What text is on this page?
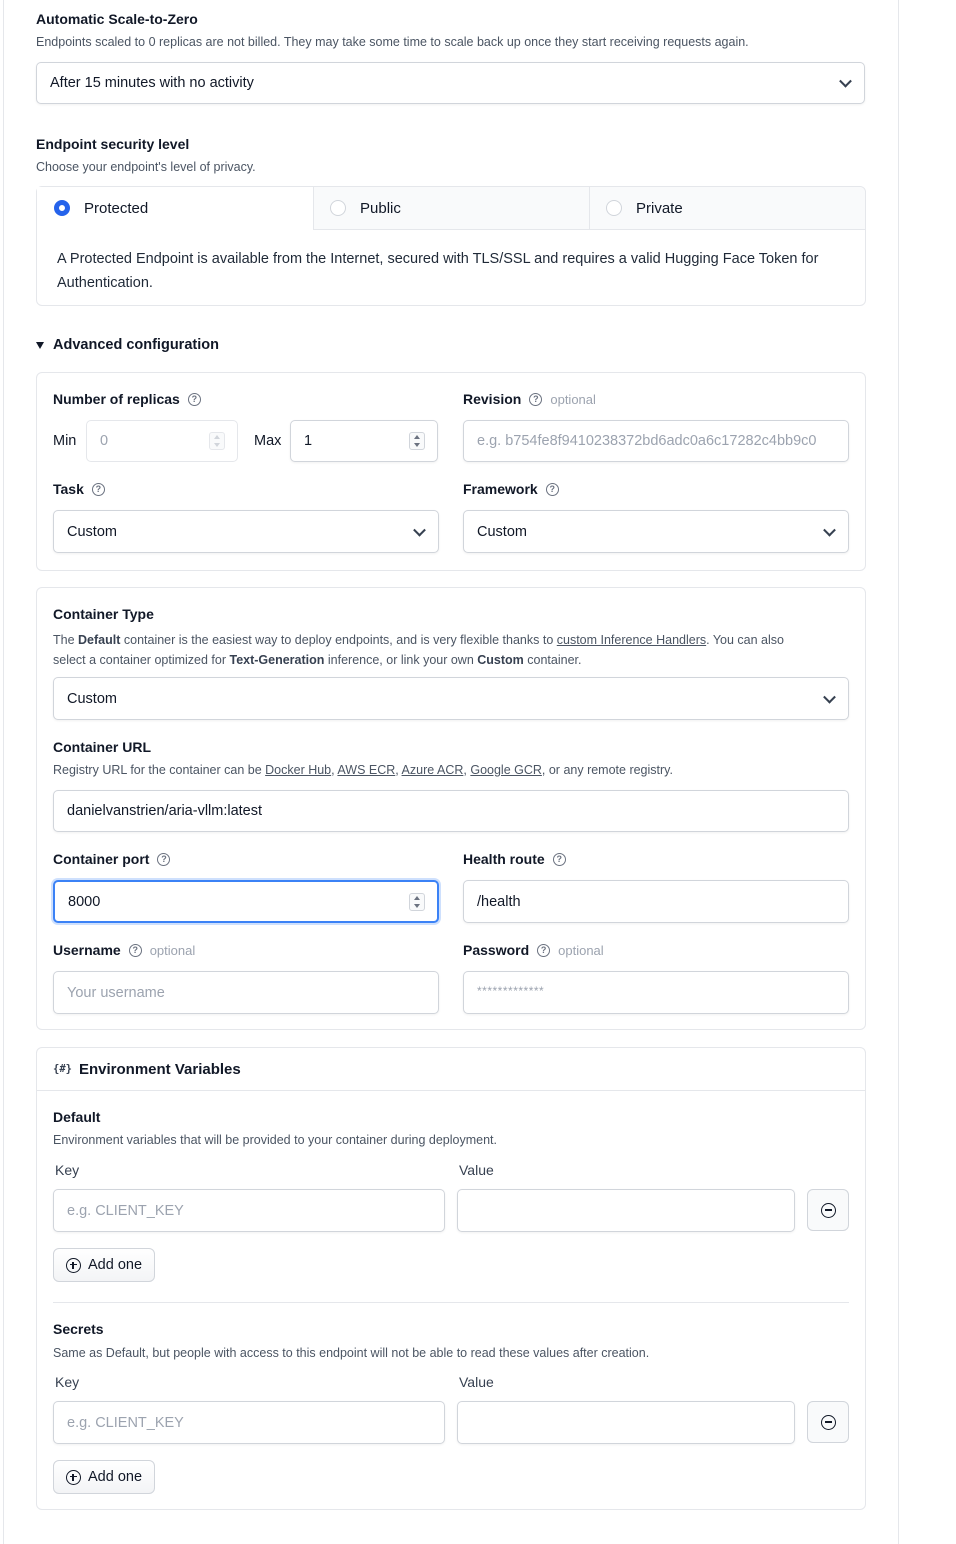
Automatic Scale-to-Zero
Endpoints scaled to 0 replicas are not billed. They may take some time to scale back up once they start receiving requests again.
After 15 minutes with no activity
Endpoint security level
Choose your endpoint's level of privacy.
Protected	Public	Private
A Protected Endpoint is available from the Internet, secured with TLS/SSL and requires a valid Hugging Face Token for Authentication.
Advanced configuration
Number of replicas ?
Min 0	Max 1
Revision ? optional
e.g. b754fe8f9410238372bd6adc0a6c17282c4bb9c0
Task ?
Custom
Framework ?
Custom
Container Type
The Default container is the easiest way to deploy endpoints, and is very flexible thanks to custom Inference Handlers. You can also
select a container optimized for Text-Generation inference, or link your own Custom container.
Custom
Container URL
Registry URL for the container can be Docker Hub, AWS ECR, Azure ACR, Google GCR, or any remote registry.
danielvanstrien/aria-vllm:latest
Container port ?
8000
Health route ?
/health
Username ? optional
Your username
Password ? optional
*************
{#} Environment Variables
Default
Environment variables that will be provided to your container during deployment.
Key	Value
e.g. CLIENT_KEY
Add one
Secrets
Same as Default, but people with access to this endpoint will not be able to read these values after creation.
Key	Value
e.g. CLIENT_KEY
Add one
